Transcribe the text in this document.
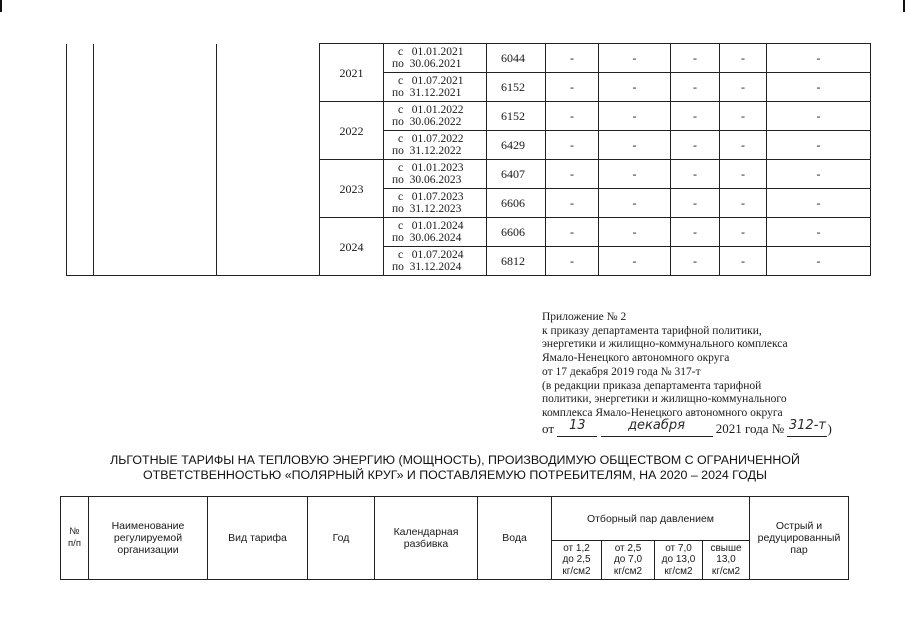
			2021	с 01.01.2021
по 30.06.2021	6044	-	-	-	-	-

				с 01.07.2021
по 31.12.2021	6152	-	-	-	-	-
			2022	с 01.01.2022
по 30.06.2022	6152	-	-	-	-	-

				с 01.07.2022
по 31.12.2022	6429	-	-	-	-	-
			2023	с 01.01.2023
по 30.06.2023	6407	-	-	-	-	-

				с 01.07.2023
по 31.12.2023	6606	-	-	-	-	-
			2024	с 01.01.2024
по 30.06.2024	6606	-	-	-	-	-

				с 01.07.2024
по 31.12.2024	6812	-	-	-	-	-
Приложение № 2
к приказу департамента тарифной политики,
энергетики и жилищно-коммунального комплекса
Ямало-Ненецкого автономного округа
от 17 декабря 2019 года № 317-т
(в редакции приказа департамента тарифной
политики, энергетики и жилищно-коммунального
комплекса Ямало-Ненецкого автономного округа
от 13	декабря 2021 года № 312-т)
ЛЬГОТНЫЕ ТАРИФЫ НА ТЕПЛОВУЮ ЭНЕРГИЮ (МОЩНОСТЬ), ПРОИЗВОДИМУЮ ОБЩЕСТВОМ С ОГРАНИЧЕННОЙ
ОТВЕТСТВЕННОСТЬЮ «ПОЛЯРНЫЙ КРУГ» И ПОСТАВЛЯЕМУЮ ПОТРЕБИТЕЛЯМ, НА 2020 – 2024 ГОДЫ
№
п/п	Наименование
регулируемой
организации	Вид тарифа	Год	Календарная
разбивка	Вода	Отборный пар давлением				Острый и
редуцированный
пар

						от 1,2
до 2,5
кг/см2	от 2,5
до 7,0
кг/см2	от 7,0
до 13,0
кг/см2	свыше
13,0
кг/см2	
